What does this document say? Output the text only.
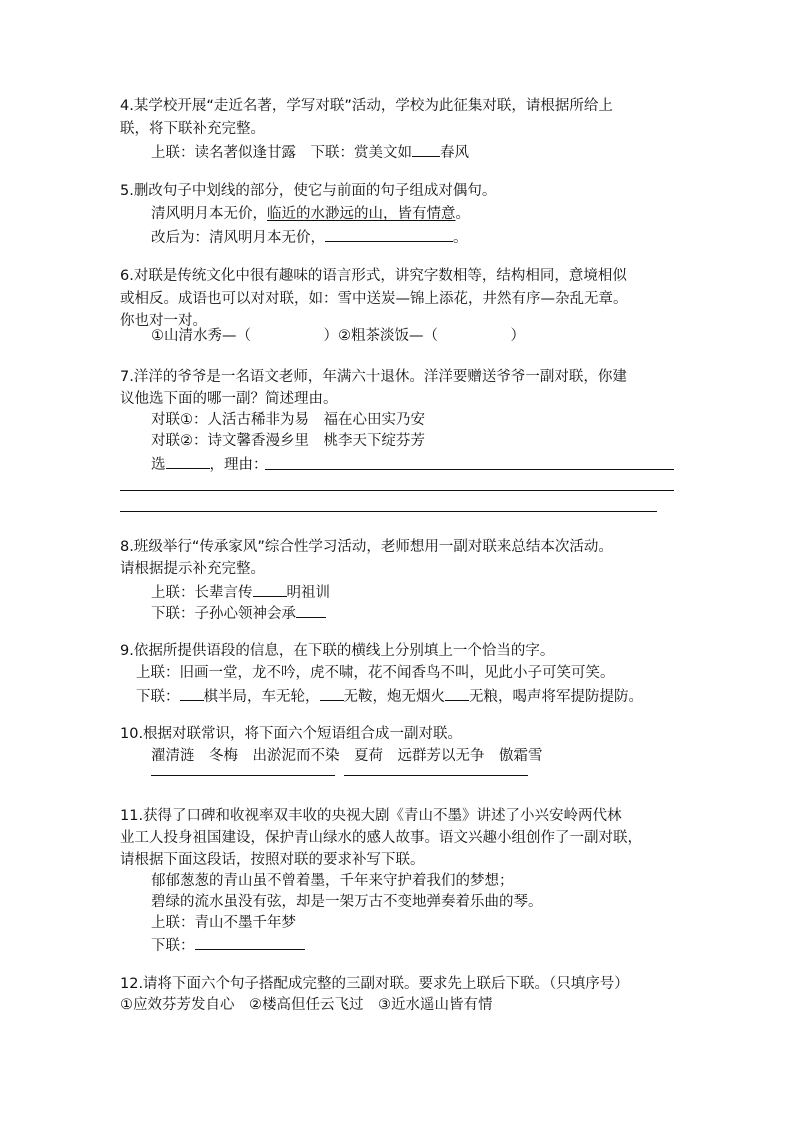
4.某学校开展“走近名著，学写对联”活动，学校为此征集对联，请根据所给上
联，将下联补充完整。
上联：读名著似逢甘露　下联：赏美文如 春风
5.删改句子中划线的部分，使它与前面的句子组成对偶句。
清风明月本无价，临近的水渺远的山，皆有情意。
改后为：清风明月本无价，	。
6.对联是传统文化中很有趣味的语言形式，讲究字数相等，结构相同，意境相似
或相反。成语也可以对对联，如：雪中送炭—锦上添花，井然有序—杂乱无章。
你也对一对。
①山清水秀—（　　　　　）②粗茶淡饭—（　　　　　）
7.洋洋的爷爷是一名语文老师，年满六十退休。洋洋要赠送爷爷一副对联，你建
议他选下面的哪一副？简述理由。
对联①：人活古稀非为易　福在心田实乃安
对联②：诗文馨香漫乡里　桃李天下绽芬芳
选	，理由：
8.班级举行“传承家风”综合性学习活动，老师想用一副对联来总结本次活动。
请根据提示补充完整。
上联：长辈言传 明祖训
下联：子孙心领神会承
9.依据所提供语段的信息，在下联的横线上分别填上一个恰当的字。
上联：旧画一堂，龙不吟，虎不啸，花不闻香鸟不叫，见此小子可笑可笑。
下联： 棋半局，车无轮， 无鞍，炮无烟火 无粮，喝声将军提防提防。
10.根据对联常识，将下面六个短语组合成一副对联。
濯清涟　冬梅　出淤泥而不染　夏荷　远群芳以无争　傲霜雪
11.获得了口碑和收视率双丰收的央视大剧《青山不墨》讲述了小兴安岭两代林
业工人投身祖国建设，保护青山绿水的感人故事。语文兴趣小组创作了一副对联，
请根据下面这段话，按照对联的要求补写下联。
郁郁葱葱的青山虽不曾着墨，千年来守护着我们的梦想；
碧绿的流水虽没有弦，却是一架万古不变地弹奏着乐曲的琴。
上联：青山不墨千年梦
下联：
12.请将下面六个句子搭配成完整的三副对联。要求先上联后下联。（只填序号）
①应效芬芳发自心　②楼高但任云飞过　③近水遥山皆有情
